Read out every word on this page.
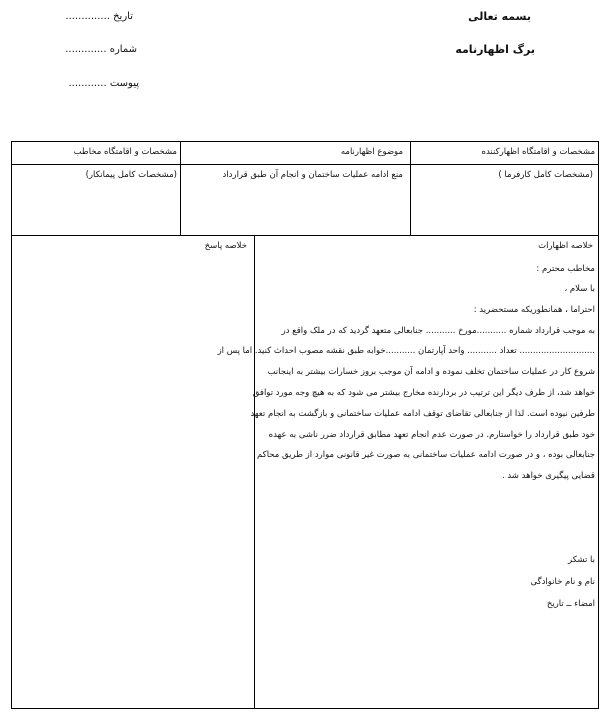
بسمه تعالی
برگ اظهارنامه
تاریخ ..............
شماره .............
پیوست ............
مشخصات و اقامتگاه اظهارکننده
موضوع اظهارنامه
مشخصات و اقامتگاه مخاطب
(مشخصات کامل کارفرما )
منع ادامه عملیات ساختمان و انجام آن طبق قرارداد
(مشخصات کامل پیمانکار)
خلاصه اظهارات
خلاصه پاسخ
مخاطب محترم :
با سلام ،
احتراما ، همانطوریکه مستحضرید :
به موجب قرارداد شماره ...........مورخ ........... جنابعالی متعهد گردید که در ملک واقع در
............................ تعداد ........... واحد آپارتمان ...........خوابه طبق نقشه مصوب احداث کنید. اما پس از
شروع کار در عملیات ساختمان تخلف نموده و ادامه آن موجب بروز خسارات بیشتر به اینجانب
خواهد شد، از طرف دیگر این ترتیب در بردارنده مخارج بیشتر می شود که به هیچ وجه مورد توافق
طرفین نبوده است. لذا از جنابعالی تقاضای توقف ادامه عملیات ساختمانی و بازگشت به انجام تعهد
خود طبق قرارداد را خواستارم. در صورت عدم انجام تعهد مطابق قرارداد ضرر ناشی به عهده
جنابعالی بوده ، و در صورت ادامه عملیات ساختمانی به صورت غیر قانونی موارد از طریق محاکم
قضایی پیگیری خواهد شد .
با تشکر
نام و نام خانوادگی
امضاء ــ تاریخ
